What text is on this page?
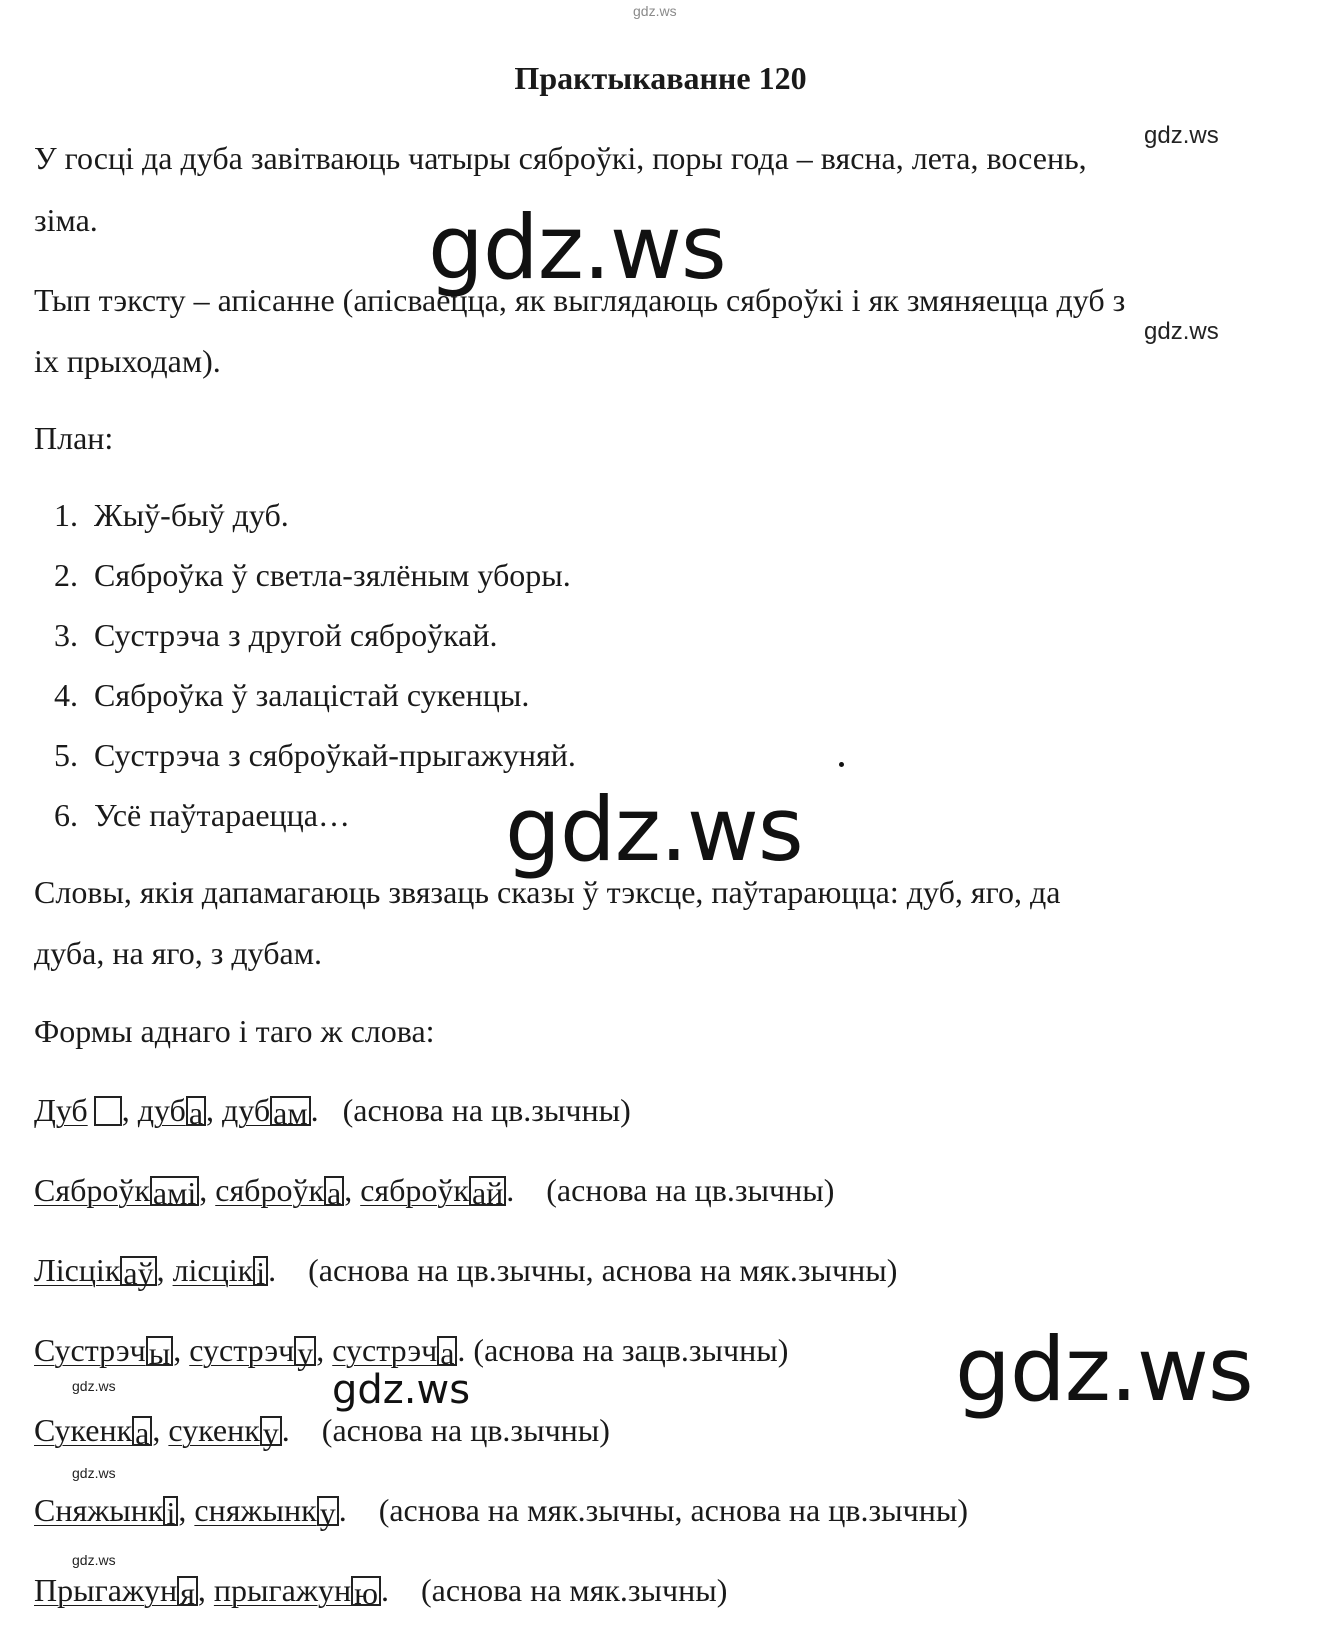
gdz.ws
Практыкаванне 120
gdz.ws
gdz.ws
У госці да дуба завітваюць чатыры сяброўкі, поры года – вясна, лета, восень,
зіма.	gdz.ws
Тып тэксту – апісанне (апісваецца, як выглядаюць сяброўкі і як змяняецца дуб з
іх прыходам).
План:
1. Жыў-быў дуб.
2. Сяброўка ў светла-зялёным уборы.
3. Сустрэча з другой сяброўкай.
4. Сяброўка ў залацістай сукенцы.
5. Сустрэча з сяброўкай-прыгажуняй.
6. Усё паўтараецца… gdz.ws
Словы, якія дапамагаюць звязаць сказы ў тэксце, паўтараюцца: дуб, яго, да
дуба, на яго, з дубам.
Формы аднаго і таго ж слова:
Дуб , дуба, дубам.   (аснова на цв.зычны)
Сяброўкамі, сяброўка, сяброўкай.    (аснова на цв.зычны)
Лісцікаў, лісцікі.    (аснова на цв.зычны, аснова на мяк.зычны)
Сустрэчы, сустрэчу, сустрэча. (аснова на зацв.зычны)
gdz.ws	gdz.ws	gdz.ws
Сукенка, сукенку.    (аснова на цв.зычны)
gdz.ws
Сняжынкі, сняжынку.    (аснова на мяк.зычны, аснова на цв.зычны)
gdz.ws
Прыгажуня, прыгажуню.    (аснова на мяк.зычны)
